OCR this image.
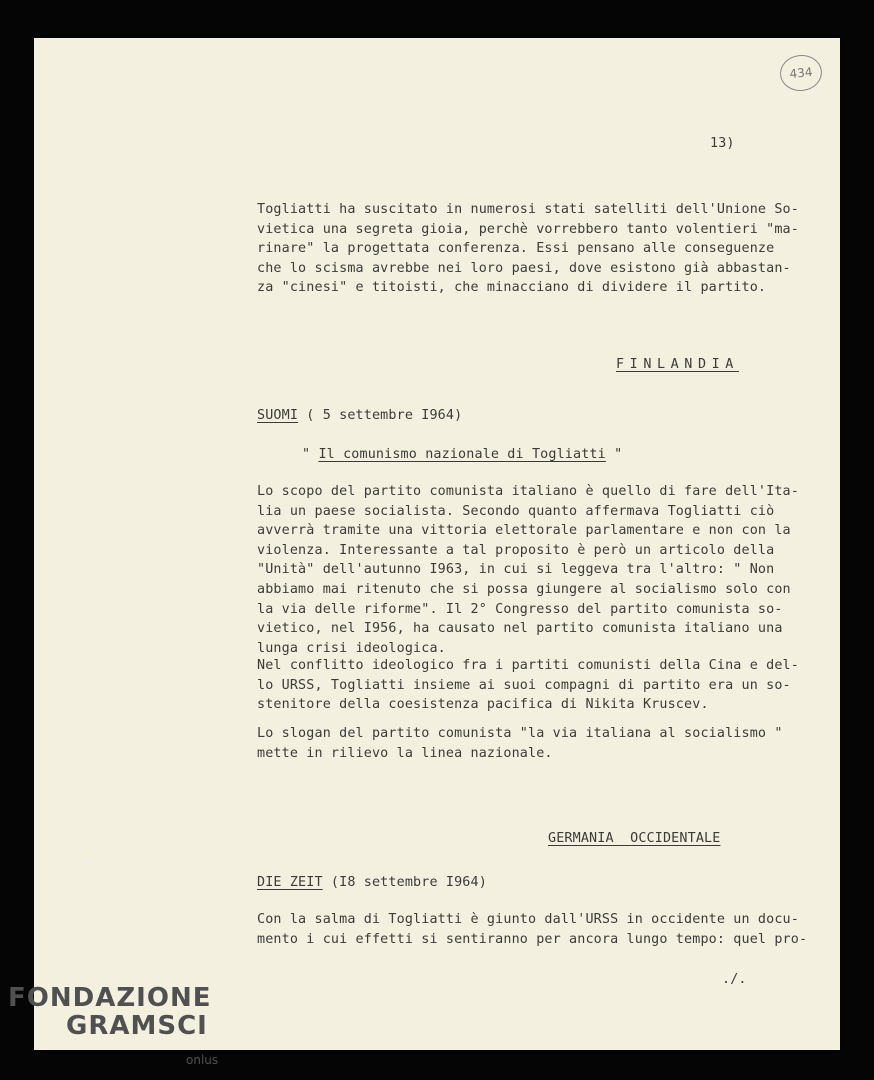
434
13)
Togliatti ha suscitato in numerosi stati satelliti dell'Unione So-
vietica una segreta gioia, perchè vorrebbero tanto volentieri "ma-
rinare" la progettata conferenza. Essi pensano alle conseguenze
che lo scisma avrebbe nei loro paesi, dove esistono già abbastan-
za "cinesi" e titoisti, che minacciano di dividere il partito.
FINLANDIA
SUOMI ( 5 settembre I964)
" Il comunismo nazionale di Togliatti "
Lo scopo del partito comunista italiano è quello di fare dell'Ita-
lia un paese socialista. Secondo quanto affermava Togliatti ciò
avverrà tramite una vittoria elettorale parlamentare e non con la
violenza. Interessante a tal proposito è però un articolo della
"Unità" dell'autunno I963, in cui si leggeva tra l'altro: " Non
abbiamo mai ritenuto che si possa giungere al socialismo solo con
la via delle riforme". Il 2° Congresso del partito comunista so-
vietico, nel I956, ha causato nel partito comunista italiano una
lunga crisi ideologica.
Nel conflitto ideologico fra i partiti comunisti della Cina e del-
lo URSS, Togliatti insieme ai suoi compagni di partito era un so-
stenitore della coesistenza pacifica di Nikita Kruscev.
Lo slogan del partito comunista "la via italiana al socialismo "
mette in rilievo la linea nazionale.
GERMANIA  OCCIDENTALE
DIE ZEIT (I8 settembre I964)
Con la salma di Togliatti è giunto dall'URSS in occidente un docu-
mento i cui effetti si sentiranno per ancora lungo tempo: quel pro-
./.
FONDAZIONE
GRAMSCI
onlus
